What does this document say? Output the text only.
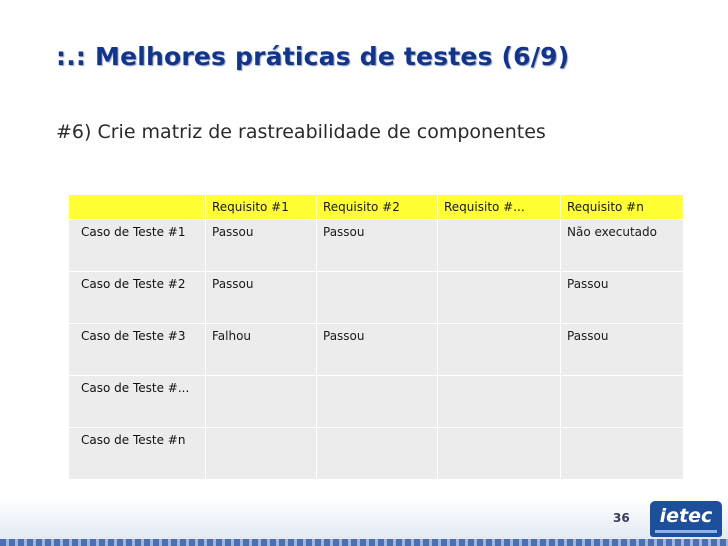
:.: Melhores práticas de testes (6/9)
#6) Crie matriz de rastreabilidade de componentes
	Requisito #1	Requisito #2	Requisito #...	Requisito #n
Caso de Teste #1	Passou	Passou		Não executado
Caso de Teste #2	Passou			Passou
Caso de Teste #3	Falhou	Passou		Passou
Caso de Teste #...				
Caso de Teste #n				
36	ietec
